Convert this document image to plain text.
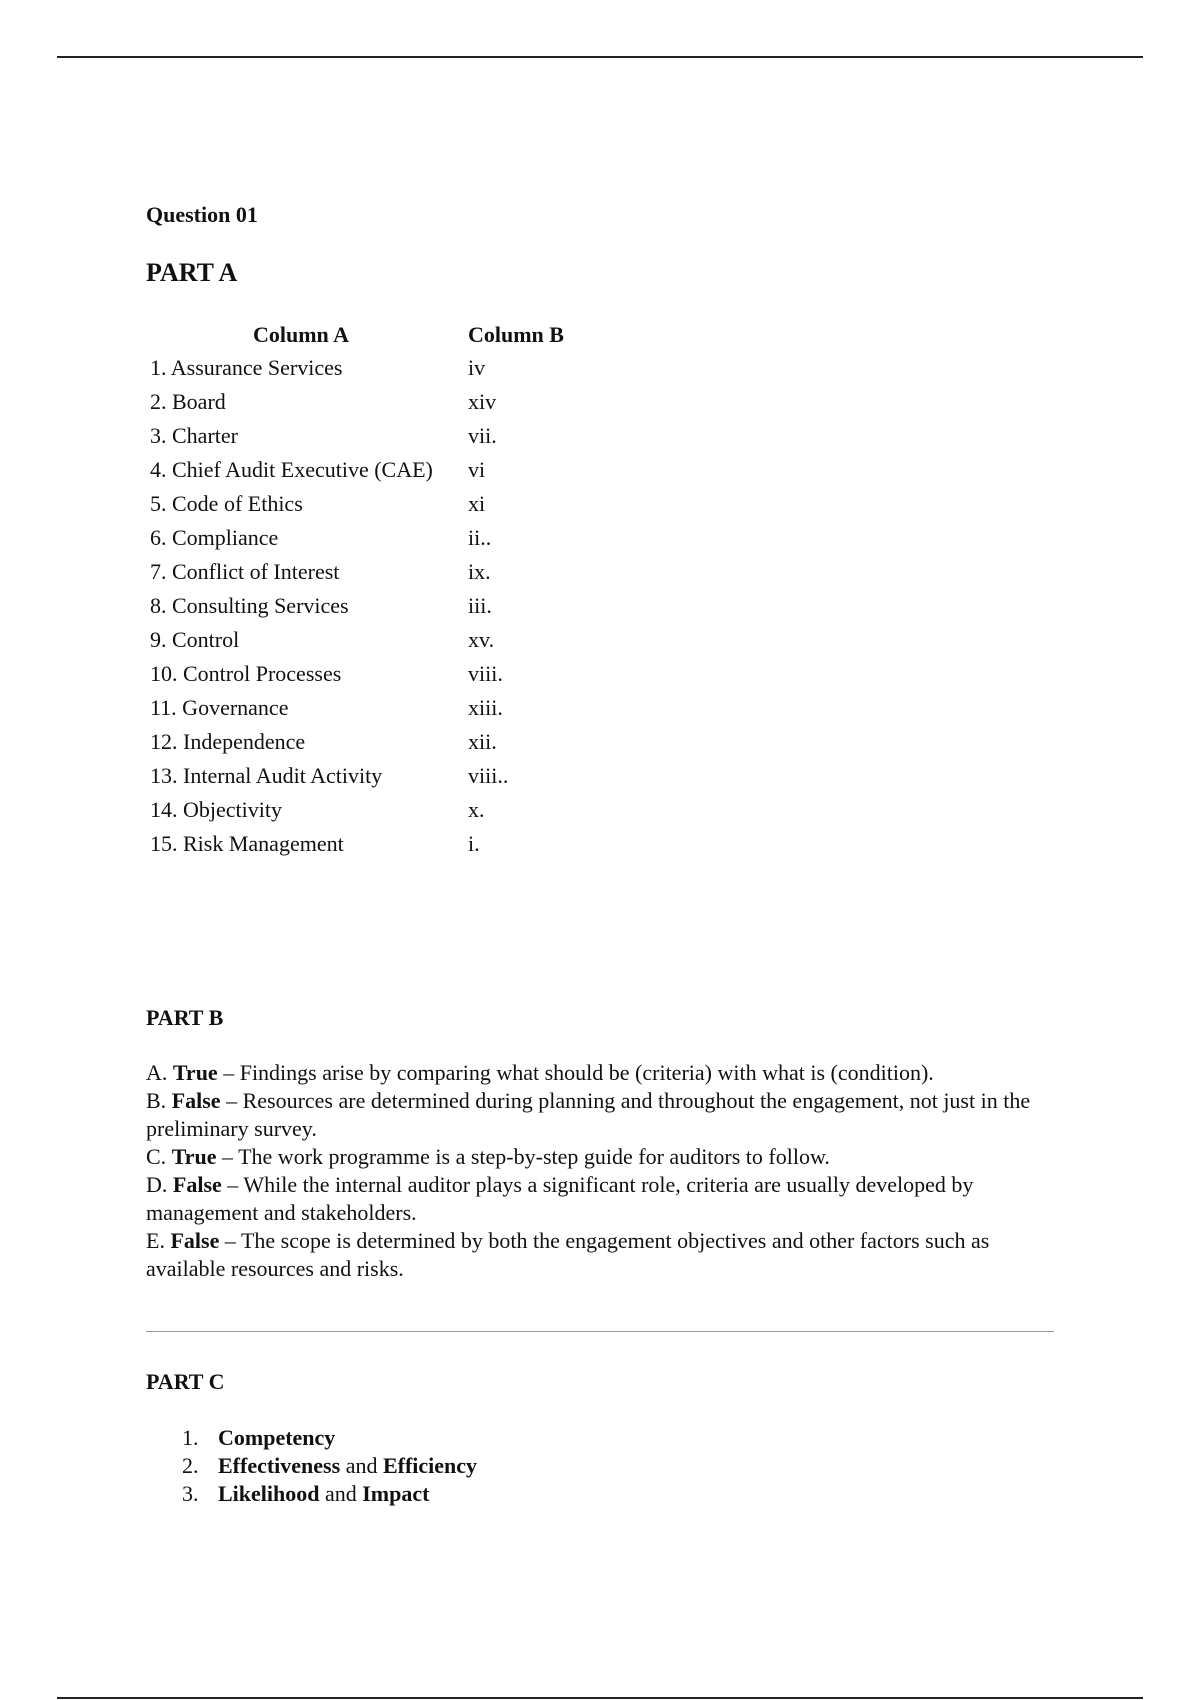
Question 01
PART A
Column A	Column B
1. Assurance Services	iv
2. Board	xiv
3. Charter	vii.
4. Chief Audit Executive (CAE) vi
5. Code of Ethics	xi
6. Compliance	ii..
7. Conflict of Interest	ix.
8. Consulting Services	iii.
9. Control	xv.
10. Control Processes	viii.
11. Governance	xiii.
12. Independence	xii.
13. Internal Audit Activity	viii..
14. Objectivity	x.
15. Risk Management	i.
PART B

A. True – Findings arise by comparing what should be (criteria) with what is (condition).

B. False – Resources are determined during planning and throughout the engagement, not just in the preliminary survey.

C. True – The work programme is a step-by-step guide for auditors to follow.

D. False – While the internal auditor plays a significant role, criteria are usually developed by management and stakeholders.

E. False – The scope is determined by both the engagement objectives and other factors such as available resources and risks.

PART C
1. Competency
2. Effectiveness and Efficiency
3. Likelihood and Impact
